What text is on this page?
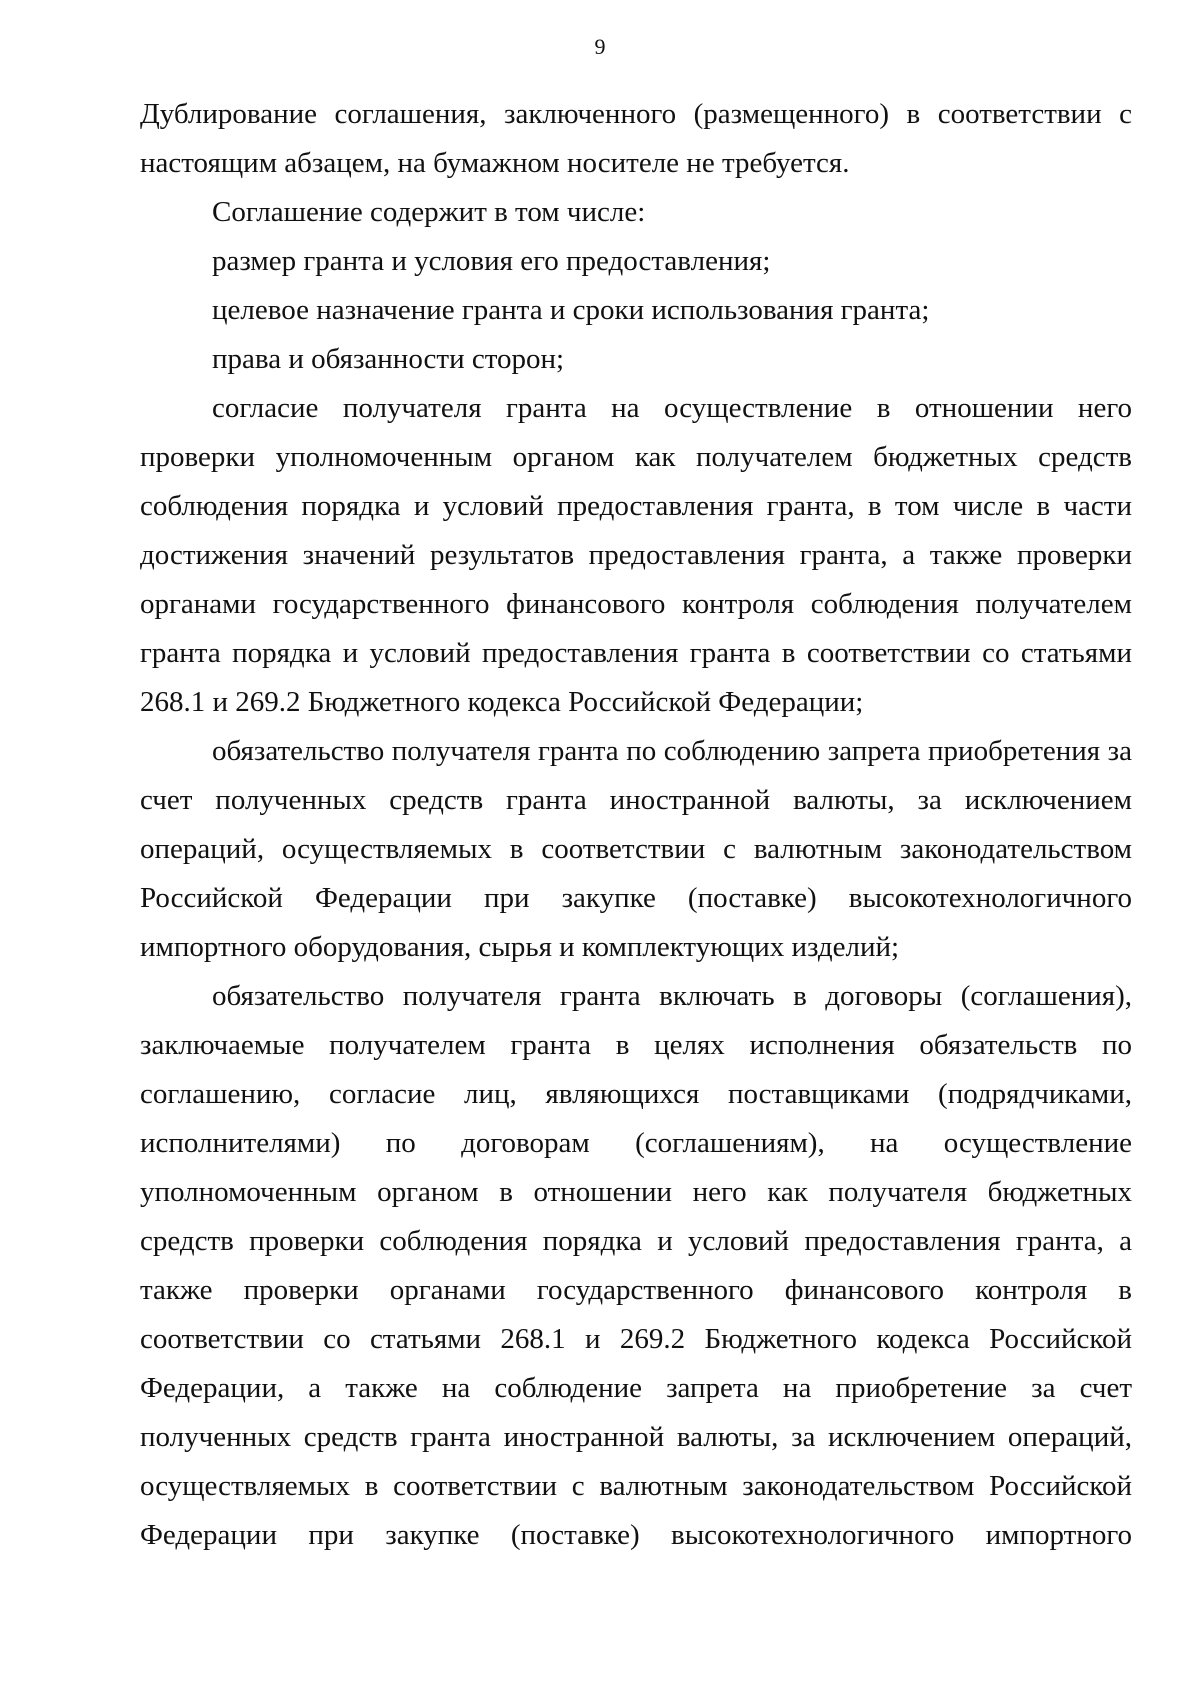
9

Дублирование соглашения, заключенного (размещенного) в соответствии с настоящим абзацем, на бумажном носителе не требуется.

Соглашение содержит в том числе:

размер гранта и условия его предоставления;

целевое назначение гранта и сроки использования гранта;

права и обязанности сторон;

согласие получателя гранта на осуществление в отношении него проверки уполномоченным органом как получателем бюджетных средств соблюдения порядка и условий предоставления гранта, в том числе в части достижения значений результатов предоставления гранта, а также проверки органами государственного финансового контроля соблюдения получателем гранта порядка и условий предоставления гранта в соответствии со статьями 268.1 и 269.2 Бюджетного кодекса Российской Федерации;

обязательство получателя гранта по соблюдению запрета приобретения за счет полученных средств гранта иностранной валюты, за исключением операций, осуществляемых в соответствии с валютным законодательством Российской Федерации при закупке (поставке) высокотехнологичного импортного оборудования, сырья и комплектующих изделий;

обязательство получателя гранта включать в договоры (соглашения), заключаемые получателем гранта в целях исполнения обязательств по соглашению, согласие лиц, являющихся поставщиками (подрядчиками, исполнителями) по договорам (соглашениям), на осуществление уполномоченным органом в отношении него как получателя бюджетных средств проверки соблюдения порядка и условий предоставления гранта, а также проверки органами государственного финансового контроля в соответствии со статьями 268.1 и 269.2 Бюджетного кодекса Российской Федерации, а также на соблюдение запрета на приобретение за счет полученных средств гранта иностранной валюты, за исключением операций, осуществляемых в соответствии с валютным законодательством Российской Федерации при закупке (поставке) высокотехнологичного импортного
